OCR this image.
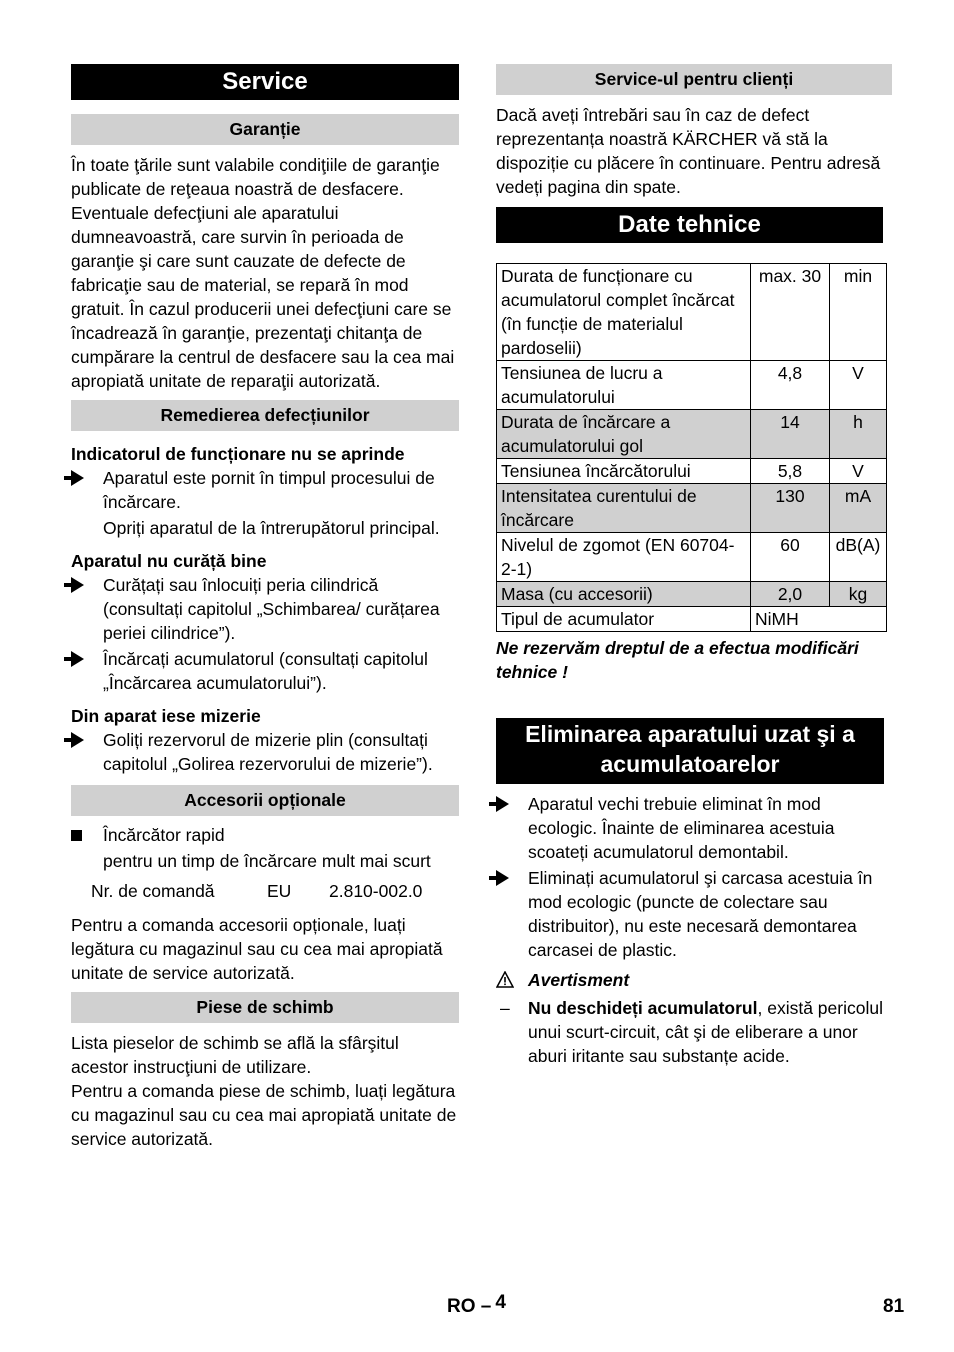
Service
Garanție

În toate ţările sunt valabile condiţiile de garanţie publicate de reţeaua noastră de desfacere. Eventuale defecţiuni ale aparatului dumneavoastră, care survin în perioada de garanţie şi care sunt cauzate de defecte de fabricaţie sau de material, se repară în mod gratuit. În cazul producerii unei defecţiuni care se încadrează în garanţie, prezentaţi chitanţa de cumpărare la centrul de desfacere sau la cea mai apropiată unitate de reparaţii autorizată.

Remedierea defecțiunilor
Indicatorul de funcționare nu se aprinde
Aparatul este pornit în timpul procesului de încărcare.
Opriți aparatul de la întrerupătorul principal.
Aparatul nu curăță bine
Curățați sau înlocuiți peria cilindrică (consultați capitolul „Schimbarea/ curățarea periei cilindrice”).
Încărcați acumulatorul (consultați capitolul „Încărcarea acumulatorului”).
Din aparat iese mizerie
Goliți rezervorul de mizerie plin (consultați capitolul „Golirea rezervorului de mizerie”).
Accesorii opționale
Încărcător rapid
pentru un timp de încărcare mult mai scurt
Nr. de comandă	EU 2.810-002.0

Pentru a comanda accesorii opționale, luați legătura cu magazinul sau cu cea mai apropiată unitate de service autorizată.

Piese de schimb

Lista pieselor de schimb se află la sfârşitul acestor instrucţiuni de utilizare.

Pentru a comanda piese de schimb, luați legătura cu magazinul sau cu cea mai apropiată unitate de service autorizată.

Service-ul pentru clienți

Dacă aveți întrebări sau în caz de defect reprezentanța noastră KÄRCHER vă stă la dispoziție cu plăcere în continuare. Pentru adresă vedeți pagina din spate.

Date tehnice
Durata de funcționare cu acumulatorul complet încărcat (în funcție de materialul pardoselii)	max. 30	min
Tensiunea de lucru a acumulatorului	4,8	V
Durata de încărcare a acumulatorului gol	14	h
Tensiunea încărcătorului	5,8	V
Intensitatea curentului de încărcare	130	mA
Nivelul de zgomot (EN 60704-2-1)	60	dB(A)
Masa (cu accesorii)	2,0	kg
Tipul de acumulator	NiMH	

Ne rezervăm dreptul de a efectua modificări tehnice !

Eliminarea aparatului uzat şi a acumulatoarelor
Aparatul vechi trebuie eliminat în mod ecologic. Înainte de eliminarea acestuia scoateți acumulatorul demontabil.
Eliminați acumulatorul şi carcasa acestuia în mod ecologic (puncte de colectare sau distribuitor), nu este necesară demontarea carcasei de plastic.
Avertisment
–	Nu deschideți acumulatorul, există pericolul unui scurt-circuit, cât şi de eliberare a unor aburi iritante sau substanțe acide.
RO – 4	81
